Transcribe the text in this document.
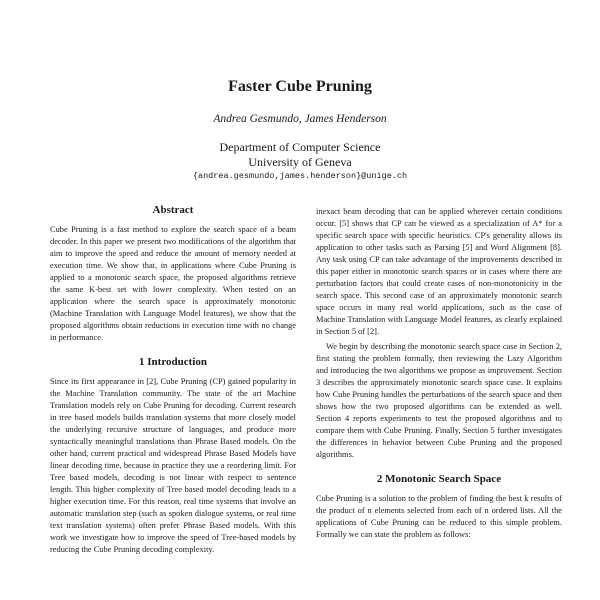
Faster Cube Pruning
Andrea Gesmundo, James Henderson
Department of Computer Science
University of Geneva
{andrea.gesmundo,james.henderson}@unige.ch
Abstract

Cube Pruning is a fast method to explore the search space of a beam decoder. In this paper we present two modifications of the algorithm that aim to improve the speed and reduce the amount of memory needed at execution time. We show that, in applications where Cube Pruning is applied to a monotonic search space, the proposed algorithms retrieve the same K-best set with lower complexity. When tested on an application where the search space is approximately monotonic (Machine Translation with Language Model features), we show that the proposed algorithms obtain reductions in execution time with no change in performance.

1 Introduction

Since its first appearance in [2], Cube Pruning (CP) gained popularity in the Machine Translation community. The state of the art Machine Translation models rely on Cube Pruning for decoding. Current research in tree based models builds translation systems that more closely model the underlying recursive structure of languages, and produce more syntactically meaningful translations than Phrase Based models. On the other hand, current practical and widespread Phrase Based Models have linear decoding time, because in practice they use a reordering limit. For Tree based models, decoding is not linear with respect to sentence length. This higher complexity of Tree based model decoding leads to a higher execution time. For this reason, real time systems that involve an automatic translation step (such as spoken dialogue systems, or real time text translation systems) often prefer Phrase Based models. With this work we investigate how to improve the speed of Tree-based models by reducing the Cube Pruning decoding complexity.

inexact beam decoding that can be applied wherever certain conditions occur. [5] shows that CP can be viewed as a specialization of A* for a specific search space with specific heuristics. CP's generality allows its application to other tasks such as Parsing [5] and Word Alignment [8]. Any task using CP can take advantage of the improvements described in this paper either in monotonic search spaces or in cases where there are perturbation factors that could create cases of non-monotonicity in the search space. This second case of an approximately monotonic search space occurs in many real world applications, such as the case of Machine Translation with Language Model features, as clearly explained in Section 5 of [2].

We begin by describing the monotonic search space case in Section 2, first stating the problem formally, then reviewing the Lazy Algorithm and introducing the two algorithms we propose as improvement. Section 3 describes the approximately monotonic search space case. It explains how Cube Pruning handles the perturbations of the search space and then shows how the two proposed algorithms can be extended as well. Section 4 reports experiments to test the proposed algorithms and to compare them with Cube Pruning. Finally, Section 5 further investigates the differences in behavior between Cube Pruning and the proposed algorithms.

2 Monotonic Search Space

Cube Pruning is a solution to the problem of finding the best k results of the product of n elements selected from each of n ordered lists. All the applications of Cube Pruning can be reduced to this simple problem. Formally we can state the problem as follows:
